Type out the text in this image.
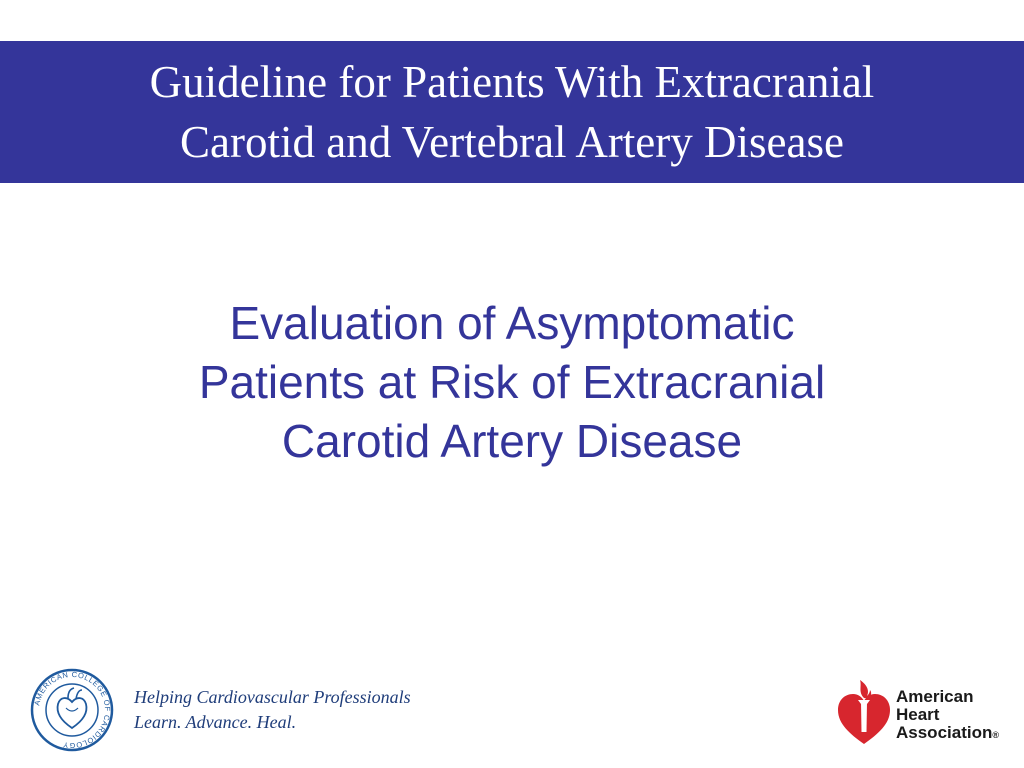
Guideline for Patients With Extracranial
Carotid and Vertebral Artery Disease
Evaluation of Asymptomatic
Patients at Risk of Extracranial
Carotid Artery Disease
AMERICAN COLLEGE OF CARDIOLOGY
Helping Cardiovascular Professionals
Learn. Advance. Heal.
American
Heart
Association®
